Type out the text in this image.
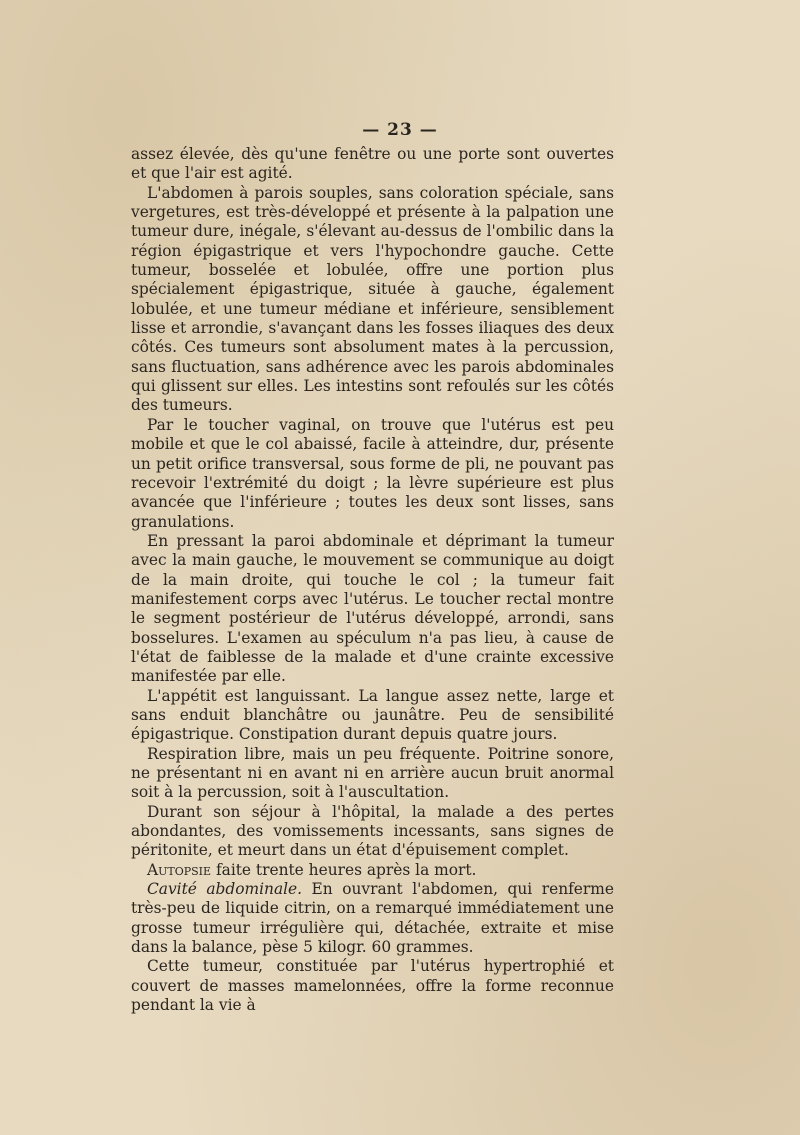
— 23 —

assez élevée, dès qu'une fenêtre ou une porte sont ouvertes et que l'air est agité.

L'abdomen à parois souples, sans coloration spéciale, sans vergetures, est très-développé et présente à la palpation une tumeur dure, inégale, s'élevant au-dessus de l'ombilic dans la région épigastrique et vers l'hypochondre gauche. Cette tumeur, bosselée et lobulée, offre une portion plus spécialement épigastrique, située à gauche, également lobulée, et une tumeur médiane et inférieure, sensiblement lisse et arrondie, s'avançant dans les fosses iliaques des deux côtés. Ces tumeurs sont absolument mates à la percussion, sans fluctuation, sans adhérence avec les parois abdominales qui glissent sur elles. Les intestins sont refoulés sur les côtés des tumeurs.

Par le toucher vaginal, on trouve que l'utérus est peu mobile et que le col abaissé, facile à atteindre, dur, présente un petit orifice transversal, sous forme de pli, ne pouvant pas recevoir l'extrémité du doigt ; la lèvre supérieure est plus avancée que l'inférieure ; toutes les deux sont lisses, sans granulations.

En pressant la paroi abdominale et déprimant la tumeur avec la main gauche, le mouvement se communique au doigt de la main droite, qui touche le col ; la tumeur fait manifestement corps avec l'utérus. Le toucher rectal montre le segment postérieur de l'utérus développé, arrondi, sans bosselures. L'examen au spéculum n'a pas lieu, à cause de l'état de faiblesse de la malade et d'une crainte excessive manifestée par elle.

L'appétit est languissant. La langue assez nette, large et sans enduit blanchâtre ou jaunâtre. Peu de sensibilité épigastrique. Constipation durant depuis quatre jours.

Respiration libre, mais un peu fréquente. Poitrine sonore, ne présentant ni en avant ni en arrière aucun bruit anormal soit à la percussion, soit à l'auscultation.

Durant son séjour à l'hôpital, la malade a des pertes abondantes, des vomissements incessants, sans signes de péritonite, et meurt dans un état d'épuisement complet.

Autopsie faite trente heures après la mort.

Cavité abdominale. En ouvrant l'abdomen, qui renferme très-peu de liquide citrin, on a remarqué immédiatement une grosse tumeur irrégulière qui, détachée, extraite et mise dans la balance, pèse 5 kilogr. 60 grammes.

Cette tumeur, constituée par l'utérus hypertrophié et couvert de masses mamelonnées, offre la forme reconnue pendant la vie à
